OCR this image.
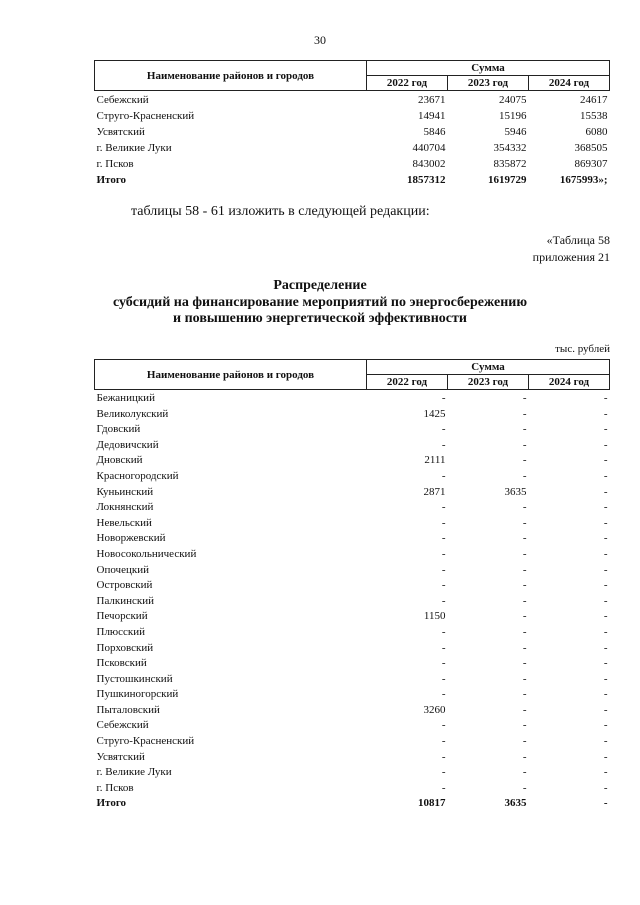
30
Наименование районов и городов	Сумма		
	2022 год	2023 год	2024 год
Себежский	23671	24075	24617
Струго-Красненский	14941	15196	15538
Усвятский	5846	5946	6080
г. Великие Луки	440704	354332	368505
г. Псков	843002	835872	869307
Итого	1857312	1619729	1675993»;
таблицы 58 - 61 изложить в следующей редакции:
«Таблица 58
приложения 21
Распределение
субсидий на финансирование мероприятий по энергосбережению
и повышению энергетической эффективности
тыс. рублей
Наименование районов и городов	Сумма		
	2022 год	2023 год	2024 год
Бежаницкий	-	-	-
Великолукский	1425	-	-
Гдовский	-	-	-
Дедовичский	-	-	-
Дновский	2111	-	-
Красногородский	-	-	-
Куньинский	2871	3635	-
Локнянский	-	-	-
Невельский	-	-	-
Новоржевский	-	-	-
Новосокольнический	-	-	-
Опочецкий	-	-	-
Островский	-	-	-
Палкинский	-	-	-
Печорский	1150	-	-
Плюсский	-	-	-
Порховский	-	-	-
Псковский	-	-	-
Пустошкинский	-	-	-
Пушкиногорский	-	-	-
Пыталовский	3260	-	-
Себежский	-	-	-
Струго-Красненский	-	-	-
Усвятский	-	-	-
г. Великие Луки	-	-	-
г. Псков	-	-	-
Итого	10817	3635	-
